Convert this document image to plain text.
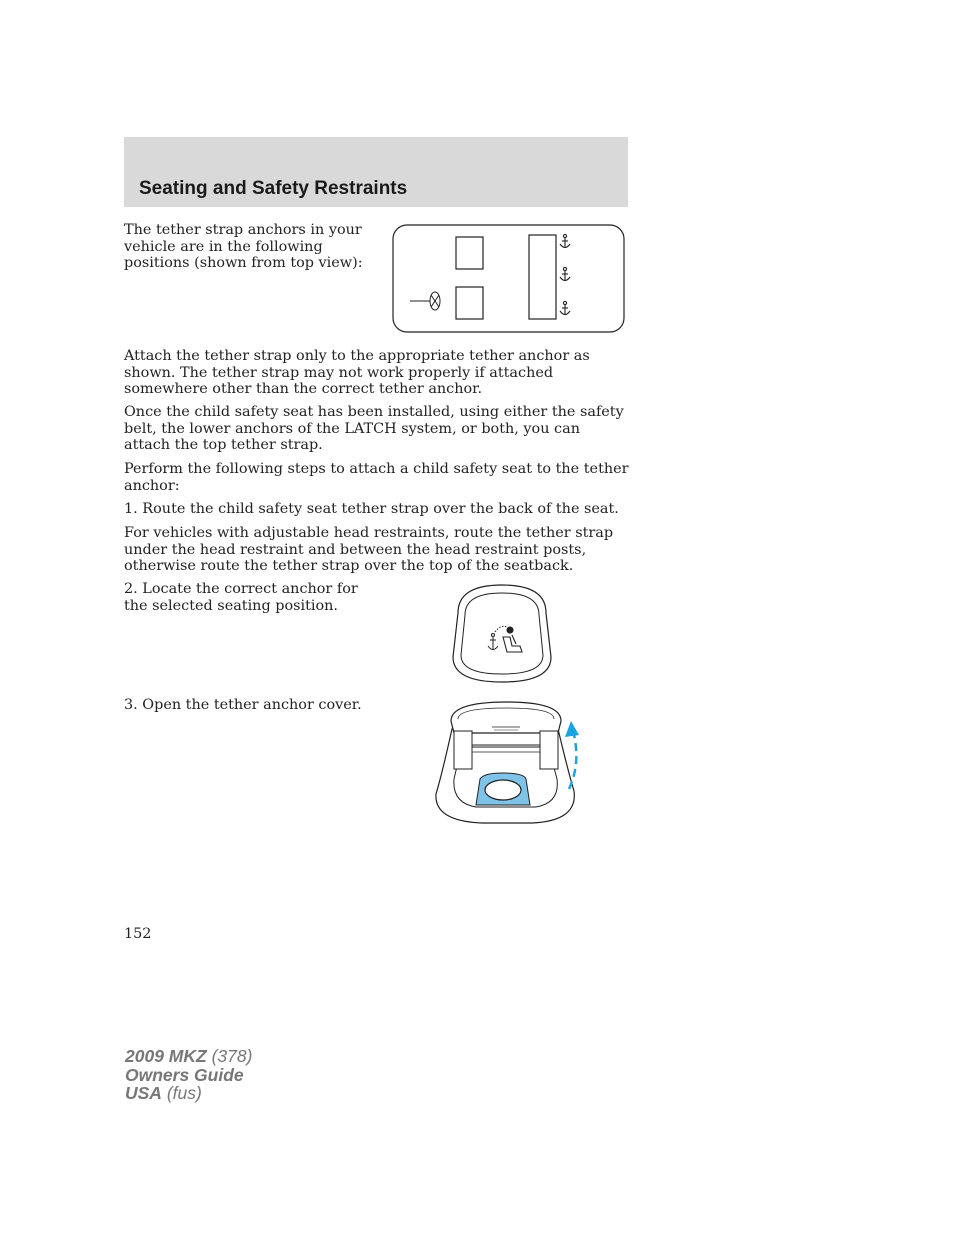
Seating and Safety Restraints

The tether strap anchors in your vehicle are in the following positions (shown from top view):

Attach the tether strap only to the appropriate tether anchor as shown. The tether strap may not work properly if attached somewhere other than the correct tether anchor.

Once the child safety seat has been installed, using either the safety belt, the lower anchors of the LATCH system, or both, you can attach the top tether strap.

Perform the following steps to attach a child safety seat to the tether anchor:

1. Route the child safety seat tether strap over the back of the seat.

For vehicles with adjustable head restraints, route the tether strap under the head restraint and between the head restraint posts, otherwise route the tether strap over the top of the seatback.

2. Locate the correct anchor for the selected seating position.

3. Open the tether anchor cover.

152
2009 MKZ (378)
Owners Guide
USA (fus)
